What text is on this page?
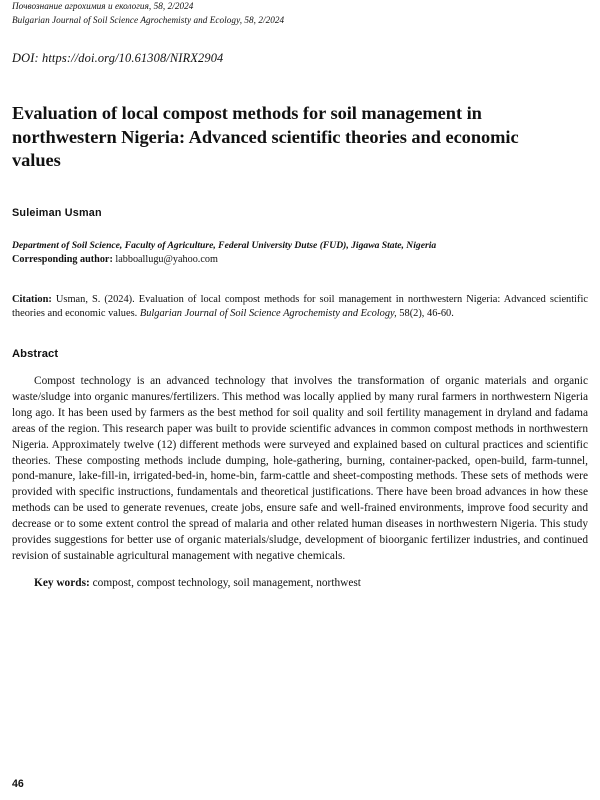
Почвознание агрохимия и екология, 58, 2/2024
Bulgarian Journal of Soil Science Agrochemisty and Ecology, 58, 2/2024
DOI: https://doi.org/10.61308/NIRX2904
Evaluation of local compost methods for soil management in northwestern Nigeria: Advanced scientific theories and economic values
Suleiman Usman
Department of Soil Science, Faculty of Agriculture, Federal University Dutse (FUD), Jigawa State, Nigeria
Corresponding author: labboallugu@yahoo.com
Citation: Usman, S. (2024). Evaluation of local compost methods for soil management in northwestern Nigeria: Advanced scientific theories and economic values. Bulgarian Journal of Soil Science Agrochemisty and Ecology, 58(2), 46-60.
Abstract

Compost technology is an advanced technology that involves the transformation of organic materials and organic waste/sludge into organic manures/fertilizers. This method was locally applied by many rural farmers in northwestern Nigeria long ago. It has been used by farmers as the best method for soil quality and soil fertility management in dryland and fadama areas of the region. This research paper was built to provide scientific advances in common compost methods in northwestern Nigeria. Approximately twelve (12) different methods were surveyed and explained based on cultural practices and scientific theories. These composting methods include dumping, hole-gathering, burning, container-packed, open-build, farm-tunnel, pond-manure, lake-fill-in, irrigated-bed-in, home-bin, farm-cattle and sheet-composting methods. These sets of methods were provided with specific instructions, fundamentals and theoretical justifications. There have been broad advances in how these methods can be used to generate revenues, create jobs, ensure safe and well-frained environments, improve food security and decrease or to some extent control the spread of malaria and other related human diseases in northwestern Nigeria. This study provides suggestions for better use of organic materials/sludge, development of bioorganic fertilizer industries, and continued revision of sustainable agricultural management with negative chemicals.

Key words: compost, compost technology, soil management, northwest
46
